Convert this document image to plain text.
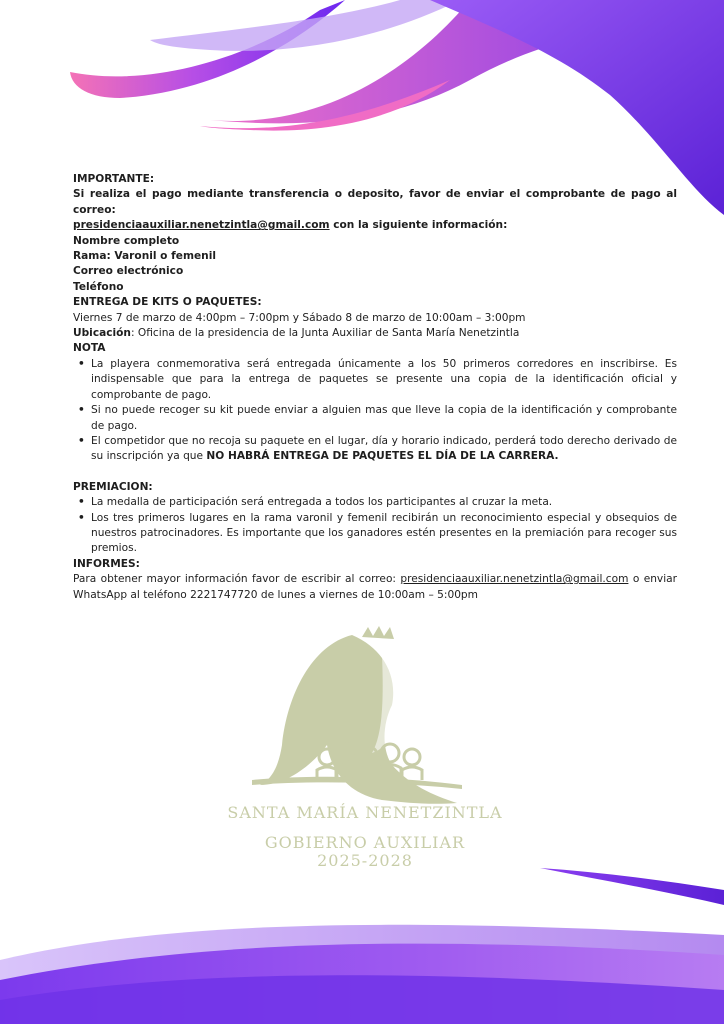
IMPORTANTE:

Si realiza el pago mediante transferencia o deposito, favor de enviar el comprobante de pago al correo:

presidenciaauxiliar.nenetzintla@gmail.com con la siguiente información:

Nombre completo

Rama: Varonil o femenil

Correo electrónico

Teléfono

ENTREGA DE KITS O PAQUETES:

Viernes 7 de marzo de 4:00pm – 7:00pm y Sábado 8 de marzo de 10:00am – 3:00pm

Ubicación: Oficina de la presidencia de la Junta Auxiliar de Santa María Nenetzintla

NOTA

• La playera conmemorativa será entregada únicamente a los 50 primeros corredores en inscribirse. Es indispensable que para la entrega de paquetes se presente una copia de la identificación oficial y comprobante de pago.
• Si no puede recoger su kit puede enviar a alguien mas que lleve la copia de la identificación y comprobante de pago.
• El competidor que no recoja su paquete en el lugar, día y horario indicado, perderá todo derecho derivado de su inscripción ya que NO HABRÁ ENTREGA DE PAQUETES EL DÍA DE LA CARRERA.

PREMIACION:

• La medalla de participación será entregada a todos los participantes al cruzar la meta.
• Los tres primeros lugares en la rama varonil y femenil recibirán un reconocimiento especial y obsequios de nuestros patrocinadores. Es importante que los ganadores estén presentes en la premiación para recoger sus premios.

INFORMES:

Para obtener mayor información favor de escribir al correo: presidenciaauxiliar.nenetzintla@gmail.com o enviar WhatsApp al teléfono 2221747720 de lunes a viernes de 10:00am – 5:00pm

SANTA MARÍA NENETZINTLA
GOBIERNO AUXILIAR
2025-2028
